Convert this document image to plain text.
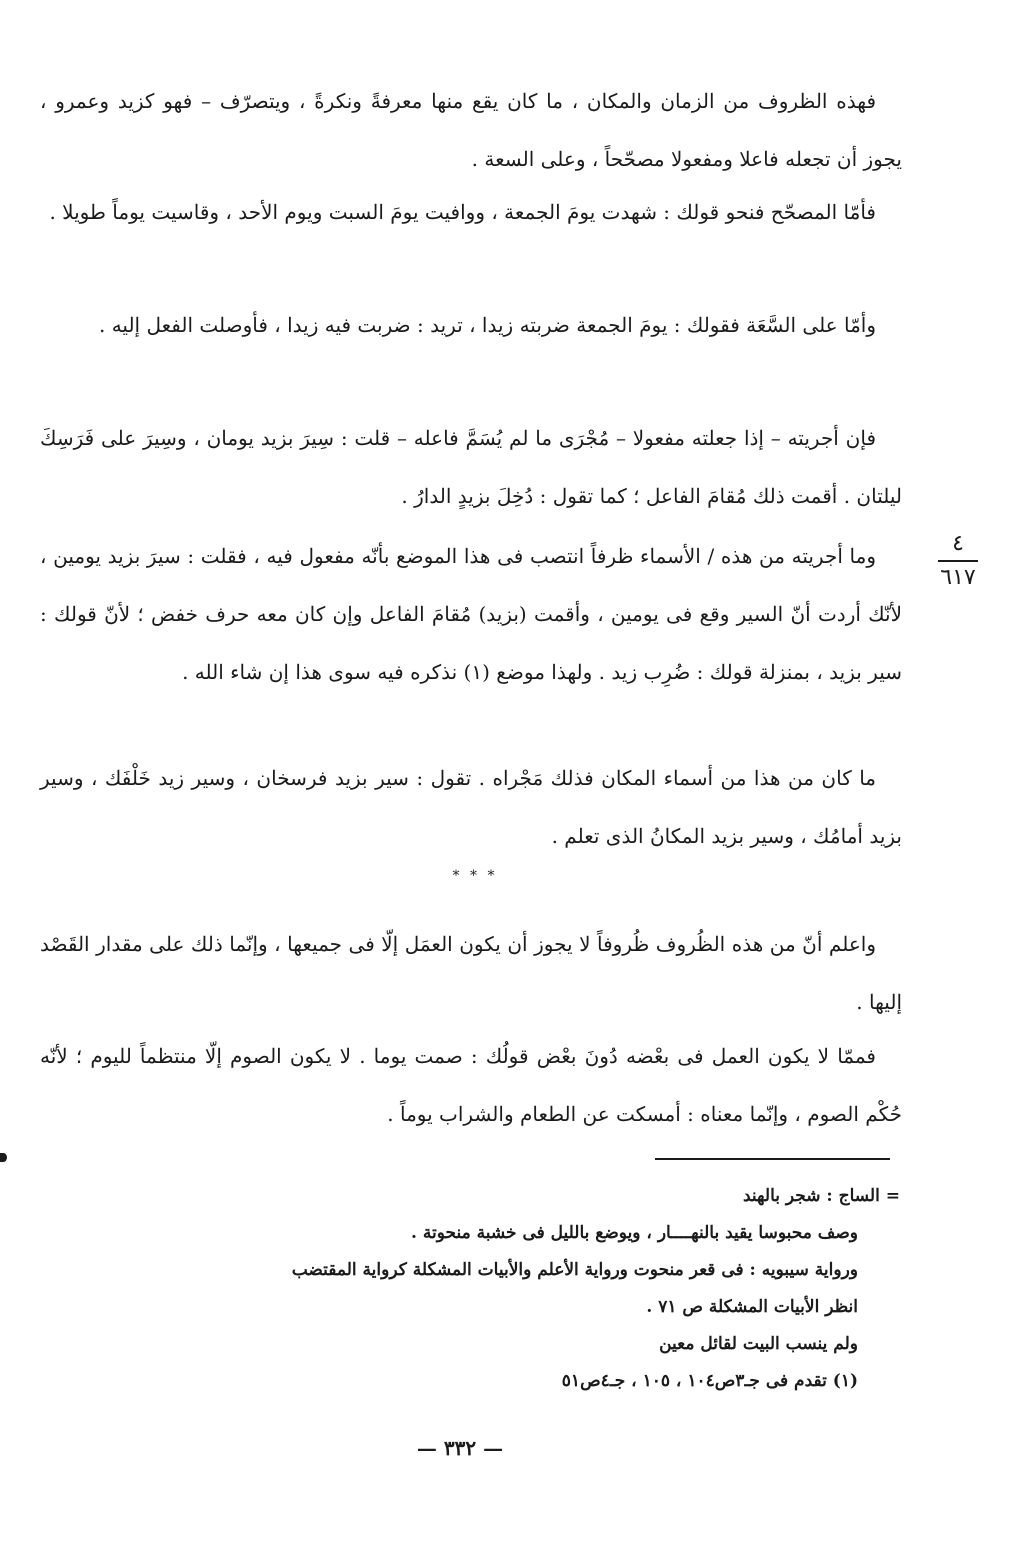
فهذه الظروف من الزمان والمكان ، ما كان يقع منها معرفةً ونكرةً ، ويتصرّف – فهو كزيد وعمرو ، يجوز أن تجعله فاعلا ومفعولا مصحّحاً ، وعلى السعة .

فأمّا المصحّح فنحو قولك : شهدت يومَ الجمعة ، ووافيت يومَ السبت ويوم الأحد ، وقاسيت يوماً طويلا .

وأمّا على السَّعَة فقولك : يومَ الجمعة ضربته زيدا ، تريد : ضربت فيه زيدا ، فأوصلت الفعل إليه .

فإن أجريته – إذا جعلته مفعولا – مُجْرَى ما لم يُسَمَّ فاعله – قلت : سِيرَ بزيد يومان ، وسِيرَ على فَرَسِكَ ليلتان . أقمت ذلك مُقامَ الفاعل ؛ كما تقول : دُخِلَ بزيدٍ الدارُ .

وما أجريته من هذه / الأسماء ظرفاً انتصب فى هذا الموضع بأنّه مفعول فيه ، فقلت : سيرَ بزيد يومين ، لأنّك أردت أنّ السير وقع فى يومين ، وأقمت (بزيد) مُقامَ الفاعل وإن كان معه حرف خفض ؛ لأنّ قولك : سير بزيد ، بمنزلة قولك : ضُرِب زيد . ولهذا موضع (١) نذكره فيه سوى هذا إن شاء الله .

ما كان من هذا من أسماء المكان فذلك مَجْراه . تقول : سير بزيد فرسخان ، وسير زيد خَلْفَك ، وسير بزيد أمامُك ، وسير بزيد المكانُ الذى تعلم .

* * *

واعلم أنّ من هذه الظُروف ظُروفاً لا يجوز أن يكون العمَل إلّا فى جميعها ، وإنّما ذلك على مقدار القَصْد إليها .

فممّا لا يكون العمل فى بعْضه دُونَ بعْض قولُك : صمت يوما . لا يكون الصوم إلّا منتظماً لليوم ؛ لأنّه حُكْم الصوم ، وإنّما معناه : أمسكت عن الطعام والشراب يوماً .

٤
٦١٧
= الساج : شجر بالهند
وصف محبوسا يقيد بالنهــــار ، ويوضع بالليل فى خشبة منحوتة .
ورواية سيبويه : فى قعر منحوت ورواية الأعلم والأبيات المشكلة كرواية المقتضب
انظر الأبيات المشكلة ص ٧١ .
ولم ينسب البيت لقائل معين
(١) تقدم فى جـ٣ص١٠٤ ، ١٠٥ ، جـ٤ص٥١
— ٣٣٢ —
